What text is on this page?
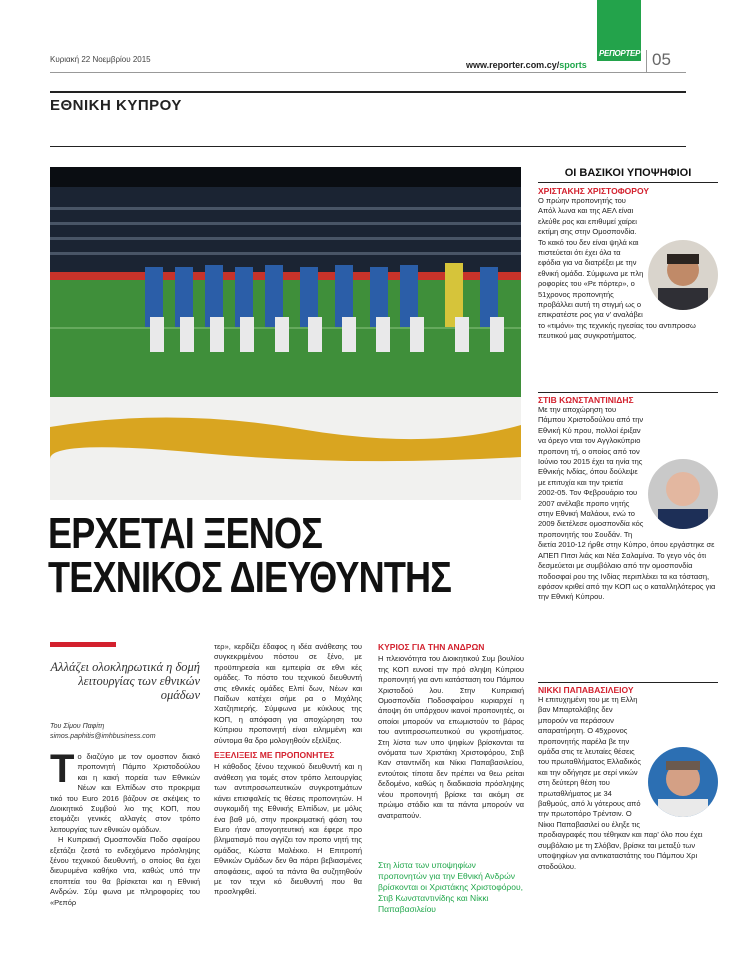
Κυριακή 22 Νοεμβρίου 2015
www.reporter.com.cy/sports
ΡΕΠΟΡΤΕΡ 05
ΕΘΝΙΚΗ ΚΥΠΡΟΥ
ΕΡΧΕΤΑΙ ΞΕΝΟΣ
ΤΕΧΝΙΚΟΣ ΔΙΕΥΘΥΝΤΗΣ
Αλλάζει ολοκληρωτικά η δομή λειτουργίας των εθνικών ομάδων
Του Σίμου Παφίτη
simos.paphitis@imhbusiness.com
Τ ο διαζύγιο με τον ομοσπον διακό προπονητή Πάμπο Χριστοδούλου και η κακή πορεία των Εθνικών Νέων και Ελπίδων στο προκριμα τικό του Euro 2016 βάζουν σε σκέψεις το Διοικητικό Συμβού λιο της ΚΟΠ, που ετοιμάζει γενικές αλλαγές στον τρόπο λειτουργίας των εθνικών ομάδων.
Η Κυπριακή Ομοσπονδία Ποδο σφαίρου εξετάζει ζεστά το ενδεχόμενο πρόσληψης ξένου τεχνικού διευθυντή, ο οποίος θα έχει διευρυμένα καθήκο ντα, καθώς υπό την εποπτεία του θα βρίσκεται και η Εθνική Ανδρών. Σύμ φωνα με πληροφορίες του «Ρεπόρ
τερ», κερδίζει έδαφος η ιδέα ανάθεσης του συγκεκριμένου πόστου σε ξένο, με προϋπηρεσία και εμπειρία σε εθνι κές ομάδες. Το πόστο του τεχνικού διευθυντή στις εθνικές ομάδες Ελπί δων, Νέων και Παίδων κατέχει σήμε ρα ο Μιχάλης Χατζηπιερής. Σύμφωνα με κύκλους της ΚΟΠ, η απόφαση για αποχώρηση του Κύπριου προπονητή είναι ειλημμένη και σύντομα θα δρο μολογηθούν εξελίξεις.
ΕΞΕΛΙΞΕΙΣ ΜΕ ΠΡΟΠΟΝΗΤΕΣ
Η κάθοδος ξένου τεχνικού διευθυντή και η ανάθεση για τομές στον τρόπο λειτουργίας των αντιπροσωπευτικών συγκροτημάτων κάνει επισφαλείς τις θέσεις προπονητών. Η συγκομιδή της Εθνικής Ελπίδων, με μόλις ένα βαθ μό, στην προκριματική φάση του Euro ήταν απογοητευτική και έφερε προ βληματισμό που αγγίζει τον προπο νητή της ομάδας, Κώστα Μαλέκκο. Η Επιτροπή Εθνικών Ομάδων δεν θα πάρει βεβιασμένες αποφάσεις, αφού τα πάντα θα συζητηθούν με τον τεχνι κό διευθυντή που θα προσληφθεί.
ΚΥΡΙΟΣ ΓΙΑ ΤΗΝ ΑΝΔΡΩΝ
Η πλειονότητα του Διοικητικού Συμ βουλίου της ΚΟΠ ευνοεί την πρό σληψη Κύπριου προπονητή για αντι κατάσταση του Πάμπου Χριστοδού λου. Στην Κυπριακή Ομοσπονδία Ποδοσφαίρου κυριαρχεί η άποψη ότι υπάρχουν ικανοί προπονητές, οι οποίοι μπορούν να επωμιστούν το βάρος του αντιπροσωπευτικού συ γκροτήματος. Στη λίστα των υπο ψηφίων βρίσκονται τα ονόματα των Χριστάκη Χριστοφόρου, Στιβ Καν σταντινίδη και Νίκκι Παπαβασιλείου, εντούτοις τίποτα δεν πρέπει να θεω ρείται δεδομένο, καθώς η διαδικασία πρόσληψης νέου προπονητή βρίσκε ται ακόμη σε πρώιμο στάδιο και τα πάντα μπορούν να ανατραπούν.
Στη λίστα των υποψηφίων προπονητών για την Εθνική Ανδρών βρίσκονται οι Χριστάκης Χριστοφόρου, Στιβ Κωνσταντινίδης και Νίκκι Παπαβασιλείου
ΟΙ ΒΑΣΙΚΟΙ ΥΠΟΨΗΦΙΟΙ
ΧΡΙΣΤΑΚΗΣ ΧΡΙΣΤΟΦΟΡΟΥ
Ο πρώην προπονητής του Απόλ λωνα και της ΑΕΛ είναι ελεύθε ρος και επιθυμεί χαίρει εκτίμη σης στην Ομοσπονδία. Το κακό του δεν είναι ψηλά και πιστεύεται ότι έχει όλα τα εφόδια για να διατρέξει με την εθνική ομάδα. Σύμφωνα με πλη ροφορίες του «Ρε πόρτερ», ο 51χρονος προπονητής προβάλλει αυτή τη στιγμή ως ο επικρατέστε ρος για ν' αναλάβει το «τιμόνι» της τεχνικής ηγεσίας του αντιπροσω πευτικού μας συγκροτήματος.
ΣΤΙΒ ΚΩΝΣΤΑΝΤΙΝΙΔΗΣ
Με την αποχώρηση του Πάμπου Χριστοδούλου από την Εθνική Κύ πρου, πολλοί έριξαν να όρεγο νται τον Αγγλοκύπριο προπονη τή, ο οποίος από τον Ιούνιο του 2015 έχει τα ηνία της Εθνικής Ινδίας, όπου δούλεψε με επιτυχία και την τριετία 2002-05. Τον Φεβρουάριο του 2007 ανέλαβε προπο νητής στην Εθνική Μαλάουι, ενώ το 2009 διετέλεσε ομοσπονδία κός προπονητής του Σουδάν. Τη διετία 2010-12 ήρθε στην Κύπρο, όπου εργάστηκε σε ΑΠΕΠ Πιτσι λιάς και Νέα Σαλαμίνα. Το γεγο νός ότι δεσμεύεται με συμβόλαιο από την ομοσπονδία ποδοσφαί ρου της Ινδίας περιπλέκει τα κα τόσταση, εφόσον κριθεί από την ΚΟΠ ως ο καταλληλότερος για την Εθνική Κύπρου.
ΝΙΚΚΙ ΠΑΠΑΒΑΣΙΛΕΙΟΥ
Η επιτυχημένη του με τη Ελλη βαν Μπαρτολάβης δεν μπορούν να περάσουν απαρατήρητη. Ο 45χρονος προπονητής παρέλα βε την ομάδα στις τε λευταίες θέσεις του πρωταθλήματος Ελλαδικός και την οδήγησε με σερί νικών στη δεύτερη θέση του πρωταθλήματος με 34 βαθμούς, από λι γότερους από την πρωτοπόρο Τρέντσιν. Ο Νίκκι Παπαβασιλεί ου έληξε τις προδιαγραφές που τέθηκαν και παρ' όλο που έχει συμβόλαιο με τη Σλόβαν, βρίσκε ται μεταξύ των υποψηφίων για αντικαταστάτης του Πάμπου Χρι στοδούλου.
